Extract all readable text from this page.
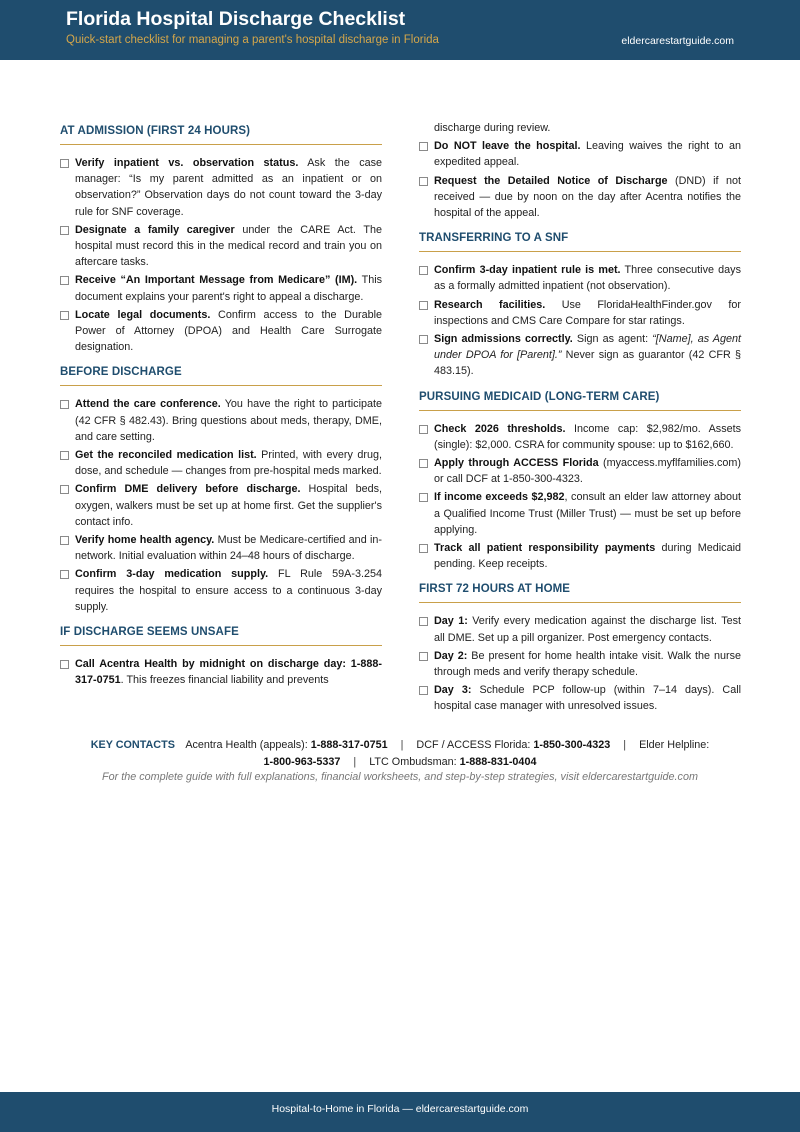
Florida Hospital Discharge Checklist
Quick-start checklist for managing a parent's hospital discharge in Florida	eldercarestartguide.com
AT ADMISSION (FIRST 24 HOURS)
Verify inpatient vs. observation status. Ask the case manager: “Is my parent admitted as an inpatient or on observation?” Observation days do not count toward the 3-day rule for SNF coverage.
Designate a family caregiver under the CARE Act. The hospital must record this in the medical record and train you on aftercare tasks.
Receive “An Important Message from Medicare” (IM). This document explains your parent's right to appeal a discharge.
Locate legal documents. Confirm access to the Durable Power of Attorney (DPOA) and Health Care Surrogate designation.
BEFORE DISCHARGE
Attend the care conference. You have the right to participate (42 CFR § 482.43). Bring questions about meds, therapy, DME, and care setting.
Get the reconciled medication list. Printed, with every drug, dose, and schedule — changes from pre-hospital meds marked.
Confirm DME delivery before discharge. Hospital beds, oxygen, walkers must be set up at home first. Get the supplier's contact info.
Verify home health agency. Must be Medicare-certified and in-network. Initial evaluation within 24–48 hours of discharge.
Confirm 3-day medication supply. FL Rule 59A-3.254 requires the hospital to ensure access to a continuous 3-day supply.
IF DISCHARGE SEEMS UNSAFE
Call Acentra Health by midnight on discharge day: 1-888-317-0751. This freezes financial liability and prevents
discharge during review.
Do NOT leave the hospital. Leaving waives the right to an expedited appeal.
Request the Detailed Notice of Discharge (DND) if not received — due by noon on the day after Acentra notifies the hospital of the appeal.
TRANSFERRING TO A SNF
Confirm 3-day inpatient rule is met. Three consecutive days as a formally admitted inpatient (not observation).
Research facilities. Use FloridaHealthFinder.gov for inspections and CMS Care Compare for star ratings.
Sign admissions correctly. Sign as agent: “[Name], as Agent under DPOA for [Parent].” Never sign as guarantor (42 CFR § 483.15).
PURSUING MEDICAID (LONG-TERM CARE)
Check 2026 thresholds. Income cap: $2,982/mo. Assets (single): $2,000. CSRA for community spouse: up to $162,660.
Apply through ACCESS Florida (myaccess.myflfamilies.com) or call DCF at 1-850-300-4323.
If income exceeds $2,982, consult an elder law attorney about a Qualified Income Trust (Miller Trust) — must be set up before applying.
Track all patient responsibility payments during Medicaid pending. Keep receipts.
FIRST 72 HOURS AT HOME
Day 1: Verify every medication against the discharge list. Test all DME. Set up a pill organizer. Post emergency contacts.
Day 2: Be present for home health intake visit. Walk the nurse through meds and verify therapy schedule.
Day 3: Schedule PCP follow-up (within 7–14 days). Call hospital case manager with unresolved issues.
KEY CONTACTS Acentra Health (appeals): 1-888-317-0751 | DCF / ACCESS Florida: 1-850-300-4323 | Elder Helpline:
1-800-963-5337 | LTC Ombudsman: 1-888-831-0404
For the complete guide with full explanations, financial worksheets, and step-by-step strategies, visit eldercarestartguide.com
Hospital-to-Home in Florida — eldercarestartguide.com
